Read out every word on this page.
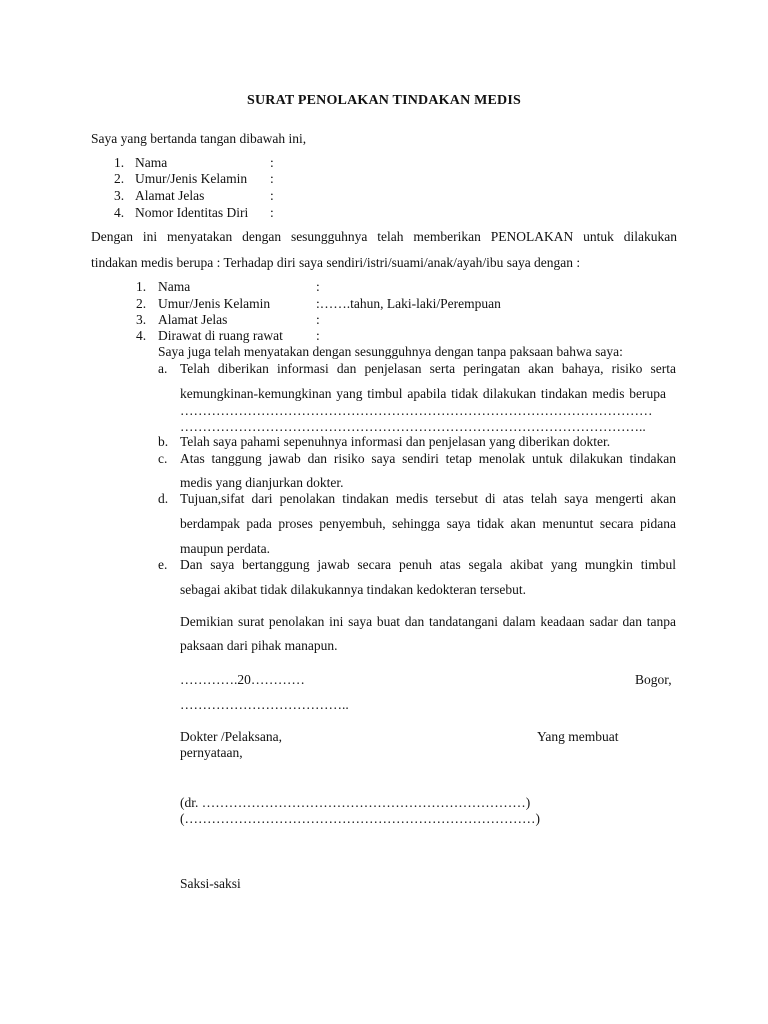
SURAT PENOLAKAN TINDAKAN MEDIS
Saya yang bertanda tangan dibawah ini,
1. Nama	:
2. Umur/Jenis Kelamin :
3. Alamat Jelas	:
4. Nomor Identitas Diri :
Dengan ini menyatakan dengan sesungguhnya telah memberikan PENOLAKAN untuk dilakukan
tindakan medis berupa : Terhadap diri saya sendiri/istri/suami/anak/ayah/ibu saya dengan :
1. Nama	:
2. Umur/Jenis Kelamin	:…….tahun, Laki-laki/Perempuan
3. Alamat Jelas	:
4. Dirawat di ruang rawat :
Saya juga telah menyatakan dengan sesungguhnya dengan tanpa paksaan bahwa saya:
a. Telah diberikan informasi dan penjelasan serta peringatan akan bahaya, risiko serta
kemungkinan-kemungkinan yang timbul apabila tidak dilakukan tindakan medis berupa
……………………………………………………………………………………………
…………………………………………………………………………………………..
b. Telah saya pahami sepenuhnya informasi dan penjelasan yang diberikan dokter.
c. Atas tanggung jawab dan risiko saya sendiri tetap menolak untuk dilakukan tindakan
medis yang dianjurkan dokter.
d. Tujuan,sifat dari penolakan tindakan medis tersebut di atas telah saya mengerti akan
berdampak pada proses penyembuh, sehingga saya tidak akan menuntut secara pidana
maupun perdata.
e. Dan saya bertanggung jawab secara penuh atas segala akibat yang mungkin timbul
sebagai akibat tidak dilakukannya tindakan kedokteran tersebut.
Demikian surat penolakan ini saya buat dan tandatangani dalam keadaan sadar dan tanpa
paksaan dari pihak manapun.
………….20…………	Bogor,
………………………………..
Dokter /Pelaksana,	Yang membuat
pernyataan,
(dr. ………………………………………………………………)
(……………………………………………………………………)
Saksi-saksi
